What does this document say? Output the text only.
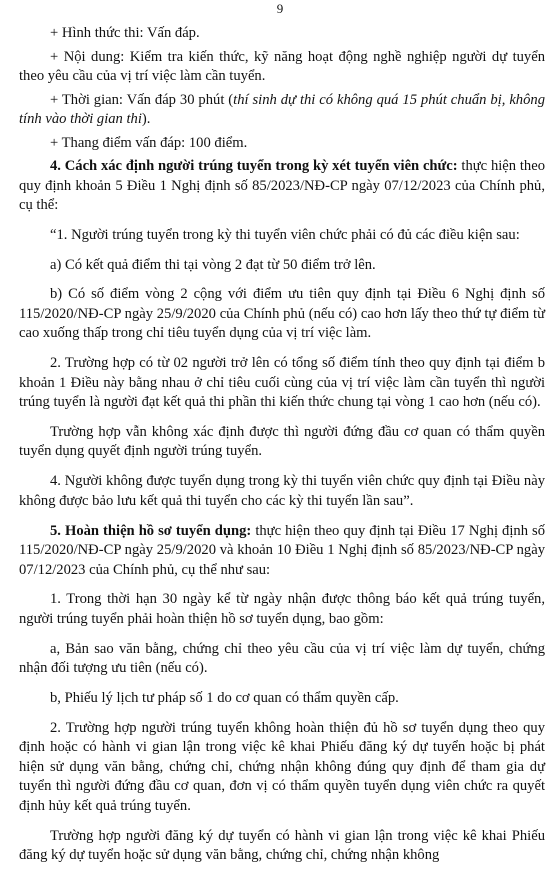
9

+ Hình thức thi: Vấn đáp.

+ Nội dung: Kiểm tra kiến thức, kỹ năng hoạt động nghề nghiệp người dự tuyển theo yêu cầu của vị trí việc làm cần tuyển.

+ Thời gian: Vấn đáp 30 phút (thí sinh dự thi có không quá 15 phút chuẩn bị, không tính vào thời gian thi).

+ Thang điểm vấn đáp: 100 điểm.

4. Cách xác định người trúng tuyển trong kỳ xét tuyển viên chức: thực hiện theo quy định khoản 5 Điều 1 Nghị định số 85/2023/NĐ-CP ngày 07/12/2023 của Chính phủ, cụ thể:

“1. Người trúng tuyển trong kỳ thi tuyển viên chức phải có đủ các điều kiện sau:

a) Có kết quả điểm thi tại vòng 2 đạt từ 50 điểm trở lên.

b) Có số điểm vòng 2 cộng với điểm ưu tiên quy định tại Điều 6 Nghị định số 115/2020/NĐ-CP ngày 25/9/2020 của Chính phủ (nếu có) cao hơn lấy theo thứ tự điểm từ cao xuống thấp trong chỉ tiêu tuyển dụng của vị trí việc làm.

2. Trường hợp có từ 02 người trở lên có tổng số điểm tính theo quy định tại điểm b khoản 1 Điều này bằng nhau ở chỉ tiêu cuối cùng của vị trí việc làm cần tuyển thì người trúng tuyển là người đạt kết quả thi phần thi kiến thức chung tại vòng 1 cao hơn (nếu có).

Trường hợp vẫn không xác định được thì người đứng đầu cơ quan có thẩm quyền tuyển dụng quyết định người trúng tuyển.

4. Người không được tuyển dụng trong kỳ thi tuyển viên chức quy định tại Điều này không được bảo lưu kết quả thi tuyển cho các kỳ thi tuyển lần sau”.

5. Hoàn thiện hồ sơ tuyển dụng: thực hiện theo quy định tại Điều 17 Nghị định số 115/2020/NĐ-CP ngày 25/9/2020 và khoản 10 Điều 1 Nghị định số 85/2023/NĐ-CP ngày 07/12/2023 của Chính phủ, cụ thể như sau:

1. Trong thời hạn 30 ngày kể từ ngày nhận được thông báo kết quả trúng tuyển, người trúng tuyển phải hoàn thiện hồ sơ tuyển dụng, bao gồm:

a, Bản sao văn bằng, chứng chỉ theo yêu cầu của vị trí việc làm dự tuyển, chứng nhận đối tượng ưu tiên (nếu có).

b, Phiếu lý lịch tư pháp số 1 do cơ quan có thẩm quyền cấp.

2. Trường hợp người trúng tuyển không hoàn thiện đủ hồ sơ tuyển dụng theo quy định hoặc có hành vi gian lận trong việc kê khai Phiếu đăng ký dự tuyển hoặc bị phát hiện sử dụng văn bằng, chứng chỉ, chứng nhận không đúng quy định để tham gia dự tuyển thì người đứng đầu cơ quan, đơn vị có thẩm quyền tuyển dụng viên chức ra quyết định hủy kết quả trúng tuyển.

Trường hợp người đăng ký dự tuyển có hành vi gian lận trong việc kê khai Phiếu đăng ký dự tuyển hoặc sử dụng văn bằng, chứng chỉ, chứng nhận không
